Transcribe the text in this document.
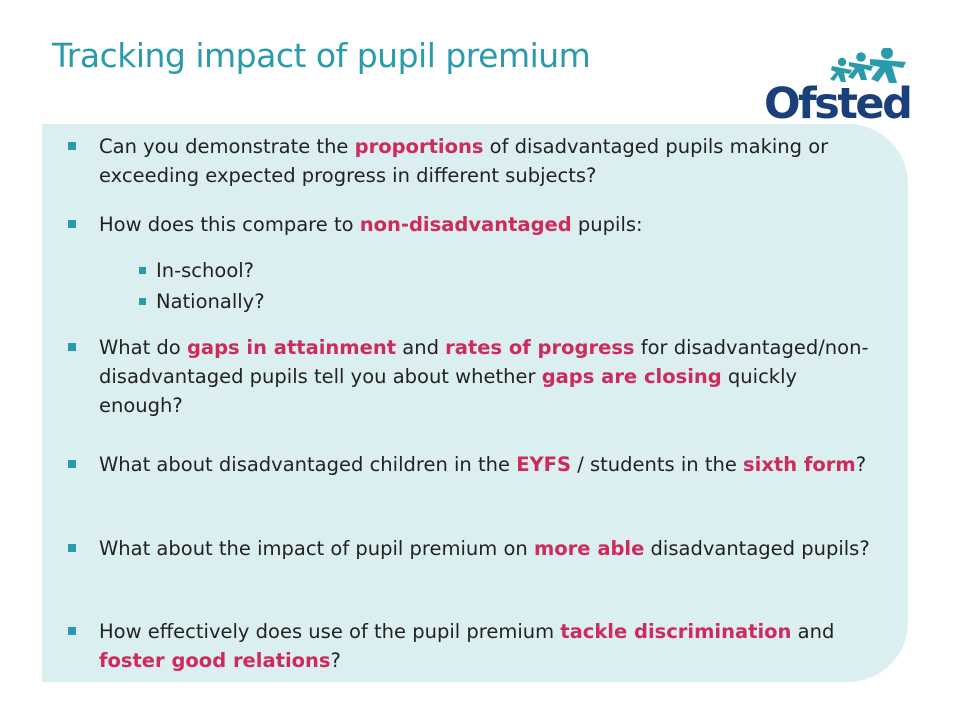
Tracking impact of pupil premium
Ofsted
Can you demonstrate the proportions of disadvantaged pupils making or exceeding expected progress in different subjects?
How does this compare to non-disadvantaged pupils:
In-school?
Nationally?
What do gaps in attainment and rates of progress for disadvantaged/non-disadvantaged pupils tell you about whether gaps are closing quickly enough?
What about disadvantaged children in the EYFS / students in the sixth form?
What about the impact of pupil premium on more able disadvantaged pupils?
How effectively does use of the pupil premium tackle discrimination and foster good relations?
